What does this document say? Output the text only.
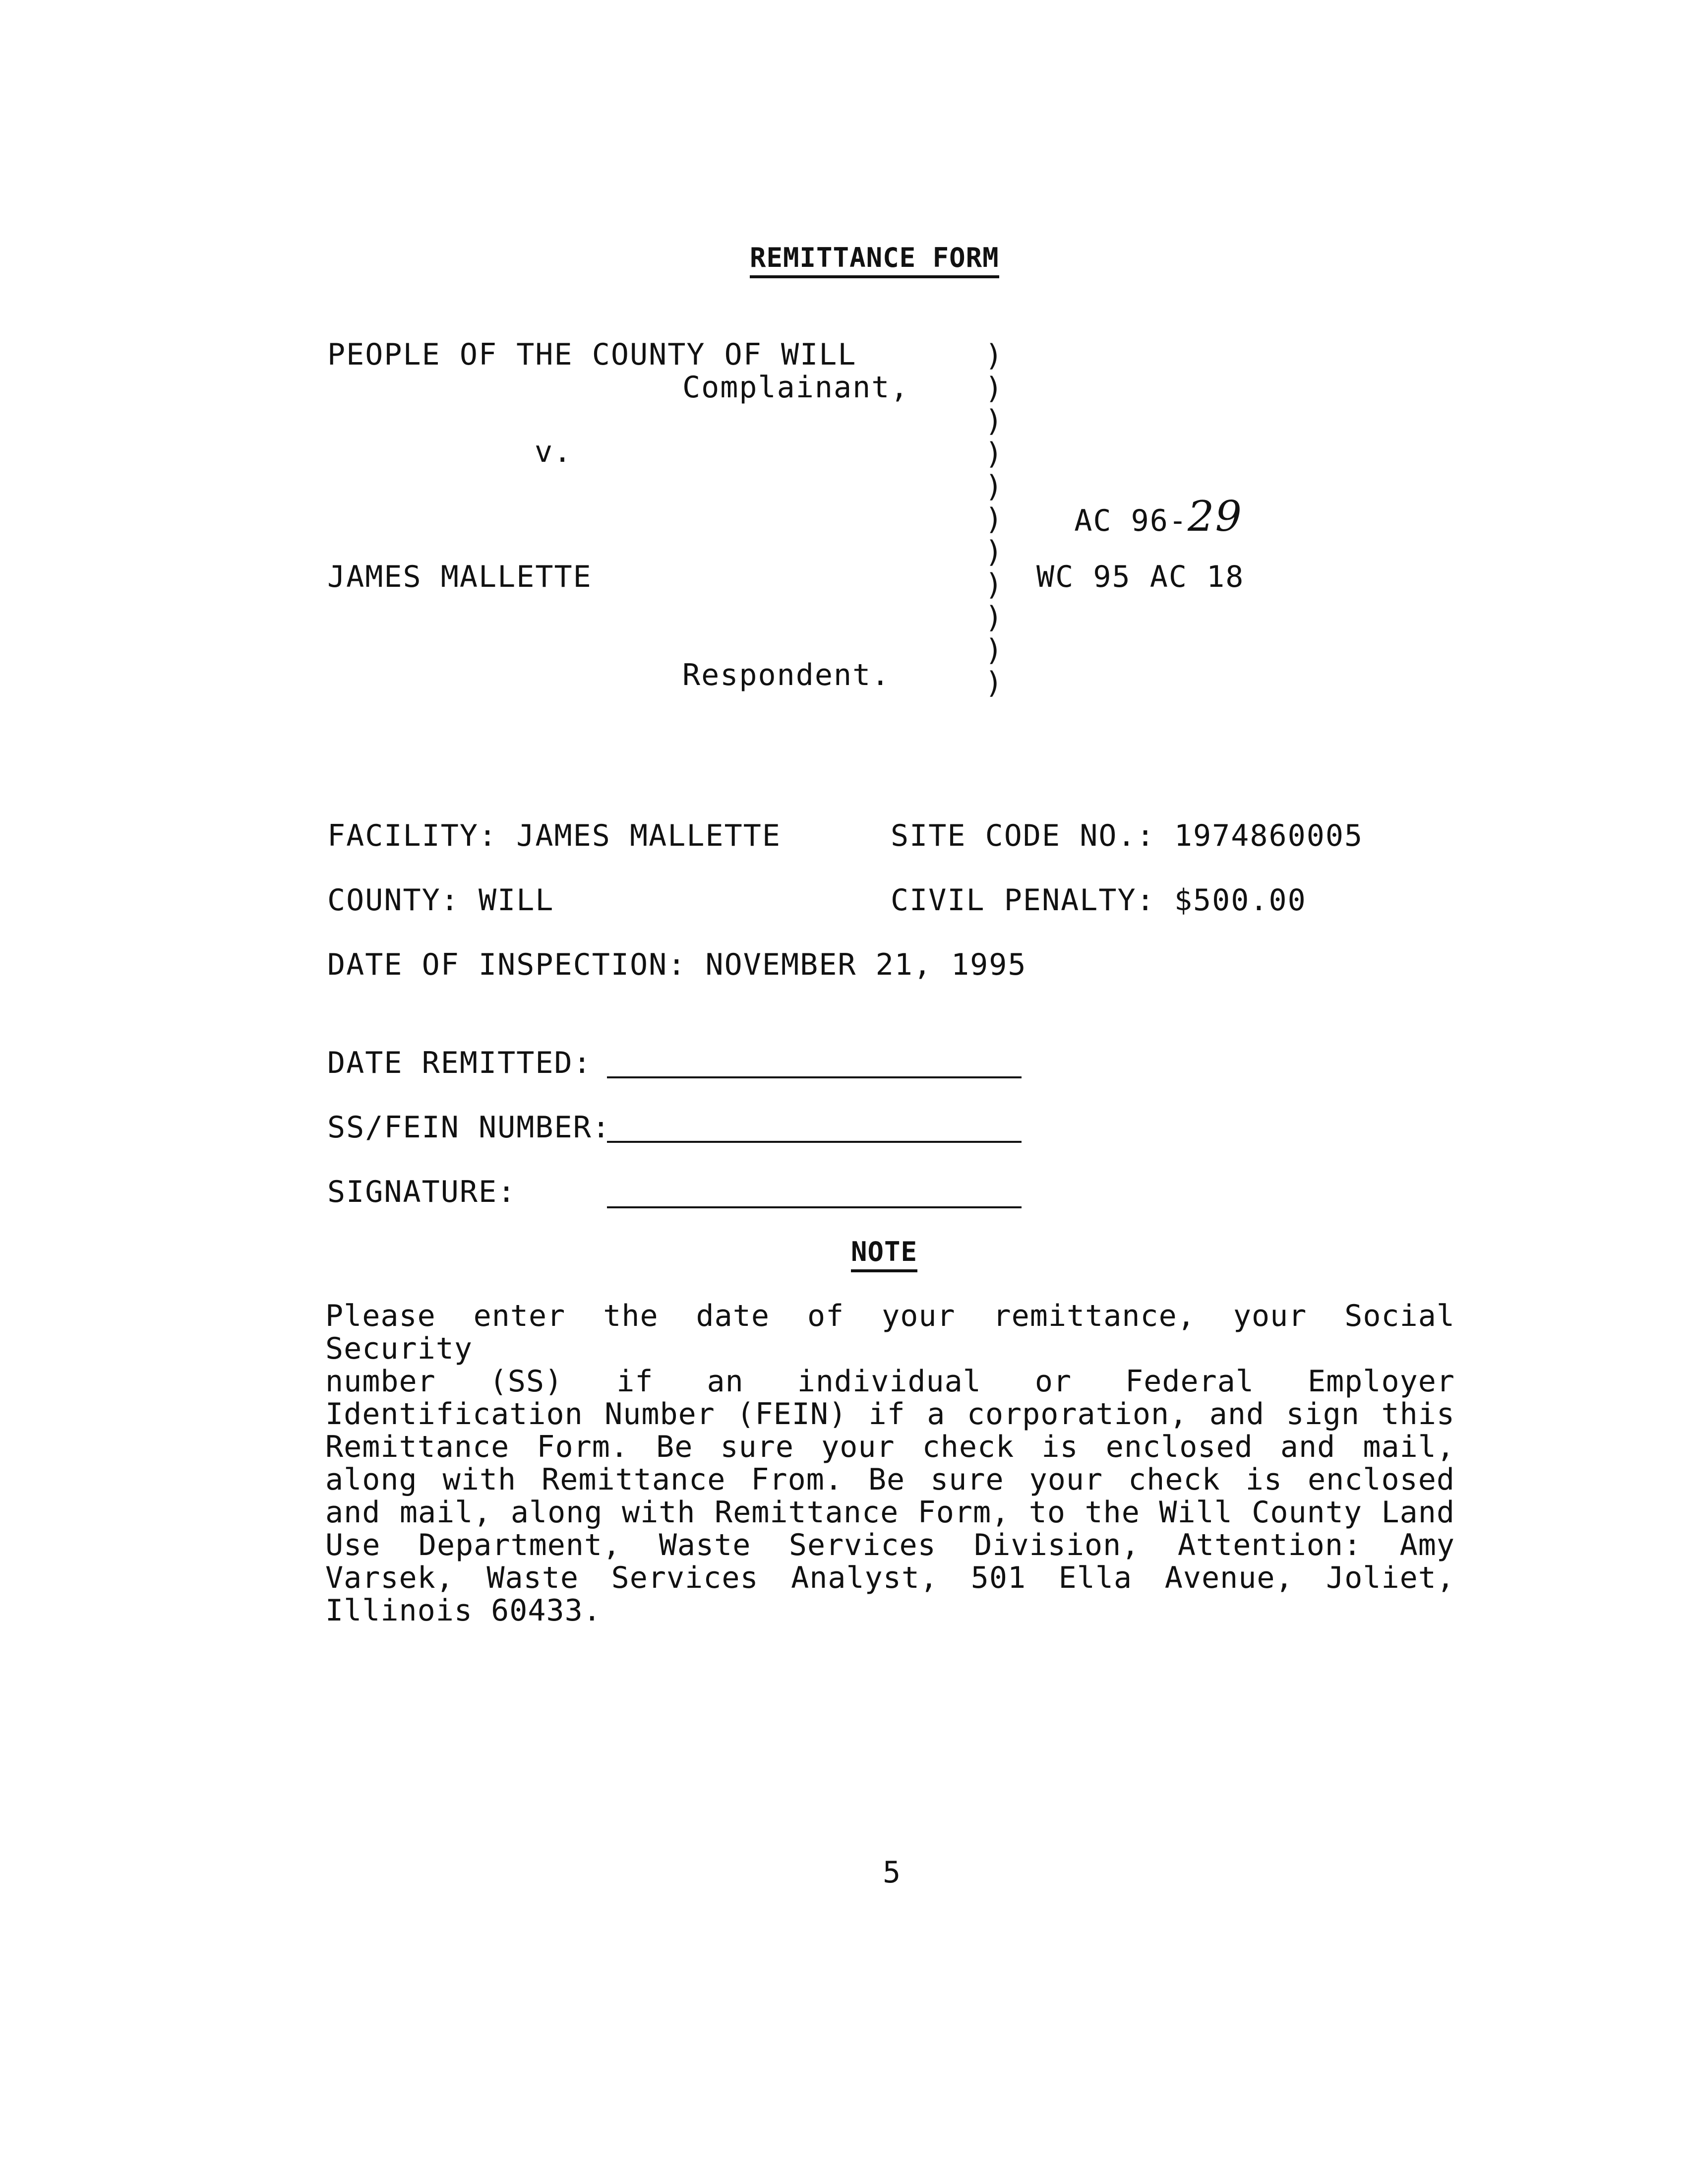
REMITTANCE FORM
PEOPLE OF THE COUNTY OF WILL
Complainant,
v.
JAMES MALLETTE
Respondent.
)
)
)
)
)
)
)
)
)
)
)

AC 96-29

WC 95 AC 18
FACILITY: JAMES MALLETTE	SITE CODE NO.: 1974860005
COUNTY: WILL	CIVIL PENALTY: $500.00
DATE OF INSPECTION: NOVEMBER 21, 1995
DATE REMITTED:
SS/FEIN NUMBER:
SIGNATURE:
NOTE
Please enter the date of your remittance, your Social Security
number (SS) if an individual or Federal Employer
Identification Number (FEIN) if a corporation, and sign this
Remittance Form. Be sure your check is enclosed and mail,
along with Remittance From. Be sure your check is enclosed
and mail, along with Remittance Form, to the Will County Land
Use Department, Waste Services Division, Attention: Amy
Varsek, Waste Services Analyst, 501 Ella Avenue, Joliet,
Illinois 60433.
5
